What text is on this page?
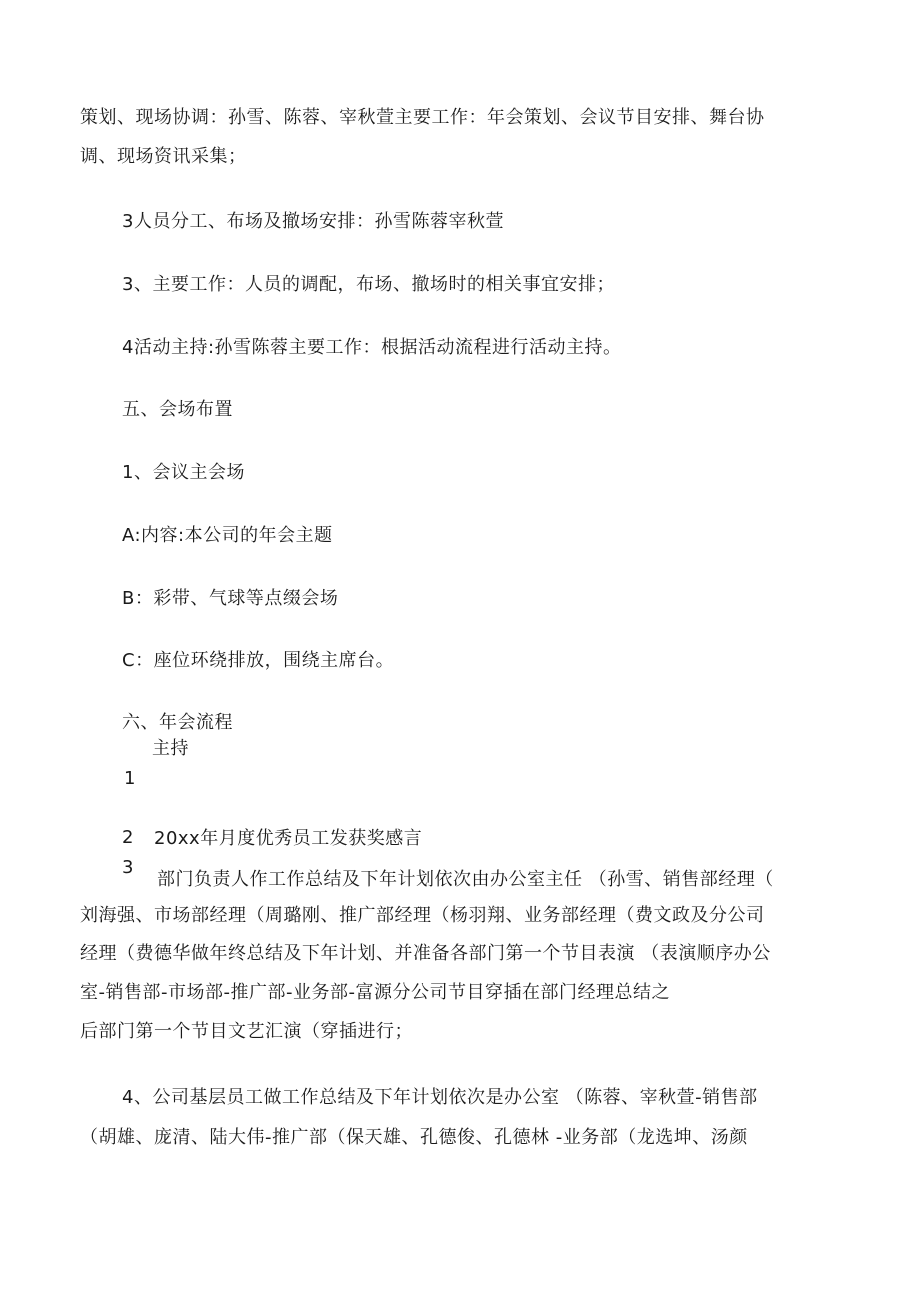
策划、现场协调：孙雪、陈蓉、宰秋萱主要工作：年会策划、会议节目安排、舞台协
调、现场资讯采集；
3人员分工、布场及撤场安排：孙雪陈蓉宰秋萱
3、主要工作：人员的调配，布场、撤场时的相关事宜安排；
4活动主持:孙雪陈蓉主要工作：根据活动流程进行活动主持。
五、会场布置
1、会议主会场
A:内容:本公司的年会主题
B：彩带、气球等点缀会场
C：座位环绕排放，围绕主席台。
六、年会流程
主持
1
2 20xx年月度优秀员工发获奖感言
3
部门负责人作工作总结及下年计划依次由办公室主任 （孙雪、销售部经理（
刘海强、市场部经理（周璐刚、推广部经理（杨羽翔、业务部经理（费文政及分公司
经理（费德华做年终总结及下年计划、并准备各部门第一个节目表演 （表演顺序办公
室-销售部-市场部-推广部-业务部-富源分公司节目穿插在部门经理总结之
后部门第一个节目文艺汇演（穿插进行；
4、公司基层员工做工作总结及下年计划依次是办公室 （陈蓉、宰秋萱-销售部
（胡雄、庞清、陆大伟-推广部（保天雄、孔德俊、孔德林 -业务部（龙选坤、汤颜
